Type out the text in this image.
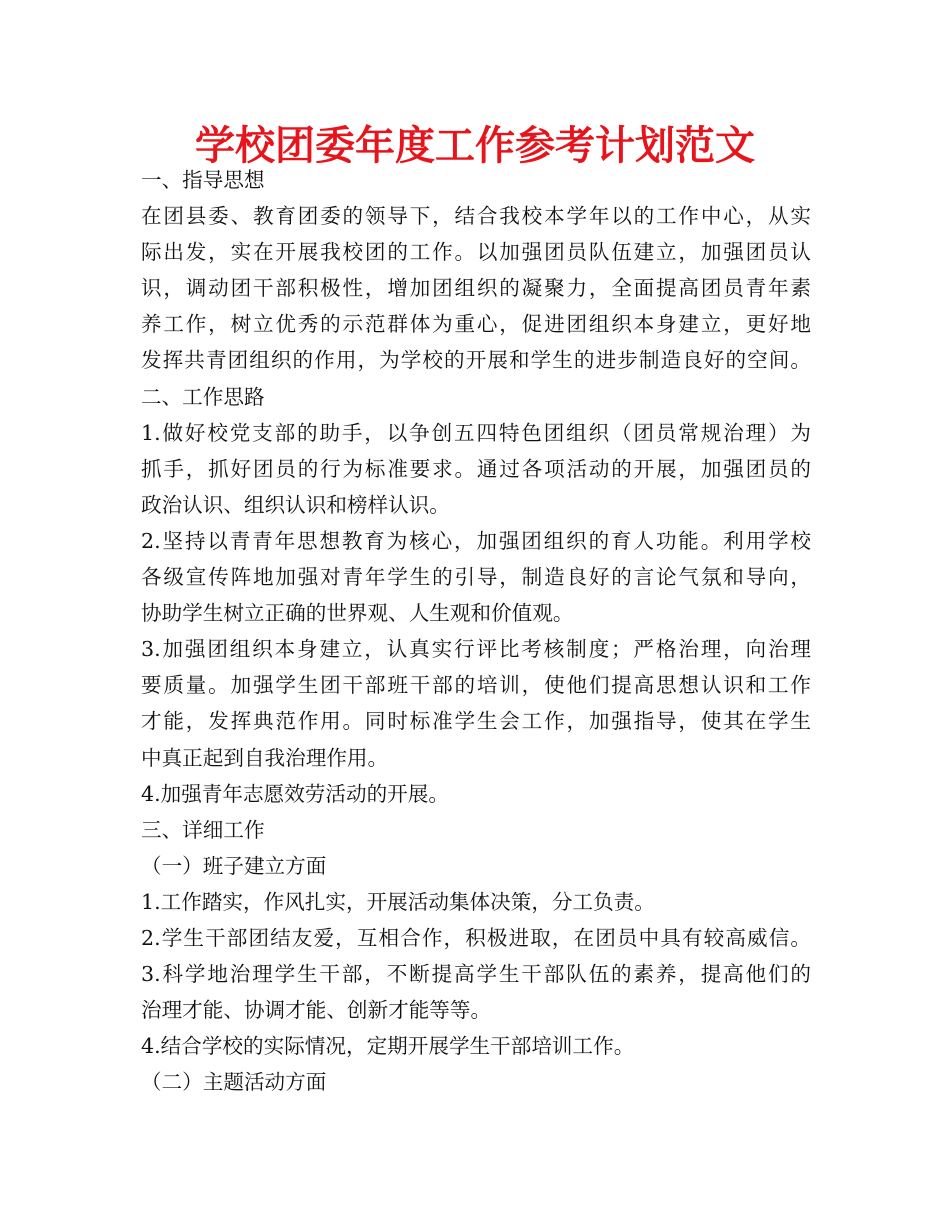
学校团委年度工作参考计划范文
一、指导思想
在团县委、教育团委的领导下，结合我校本学年以的工作中心，从实
际出发，实在开展我校团的工作。以加强团员队伍建立，加强团员认
识，调动团干部积极性，增加团组织的凝聚力，全面提高团员青年素
养工作，树立优秀的示范群体为重心，促进团组织本身建立，更好地
发挥共青团组织的作用，为学校的开展和学生的进步制造良好的空间。
二、工作思路
1.做好校党支部的助手，以争创五四特色团组织（团员常规治理）为
抓手，抓好团员的行为标准要求。通过各项活动的开展，加强团员的
政治认识、组织认识和榜样认识。
2.坚持以青青年思想教育为核心，加强团组织的育人功能。利用学校
各级宣传阵地加强对青年学生的引导，制造良好的言论气氛和导向，
协助学生树立正确的世界观、人生观和价值观。
3.加强团组织本身建立，认真实行评比考核制度；严格治理，向治理
要质量。加强学生团干部班干部的培训，使他们提高思想认识和工作
才能，发挥典范作用。同时标准学生会工作，加强指导，使其在学生
中真正起到自我治理作用。
4.加强青年志愿效劳活动的开展。
三、详细工作
（一）班子建立方面
1.工作踏实，作风扎实，开展活动集体决策，分工负责。
2.学生干部团结友爱，互相合作，积极进取，在团员中具有较高威信。
3.科学地治理学生干部，不断提高学生干部队伍的素养，提高他们的
治理才能、协调才能、创新才能等等。
4.结合学校的实际情况，定期开展学生干部培训工作。
（二）主题活动方面
